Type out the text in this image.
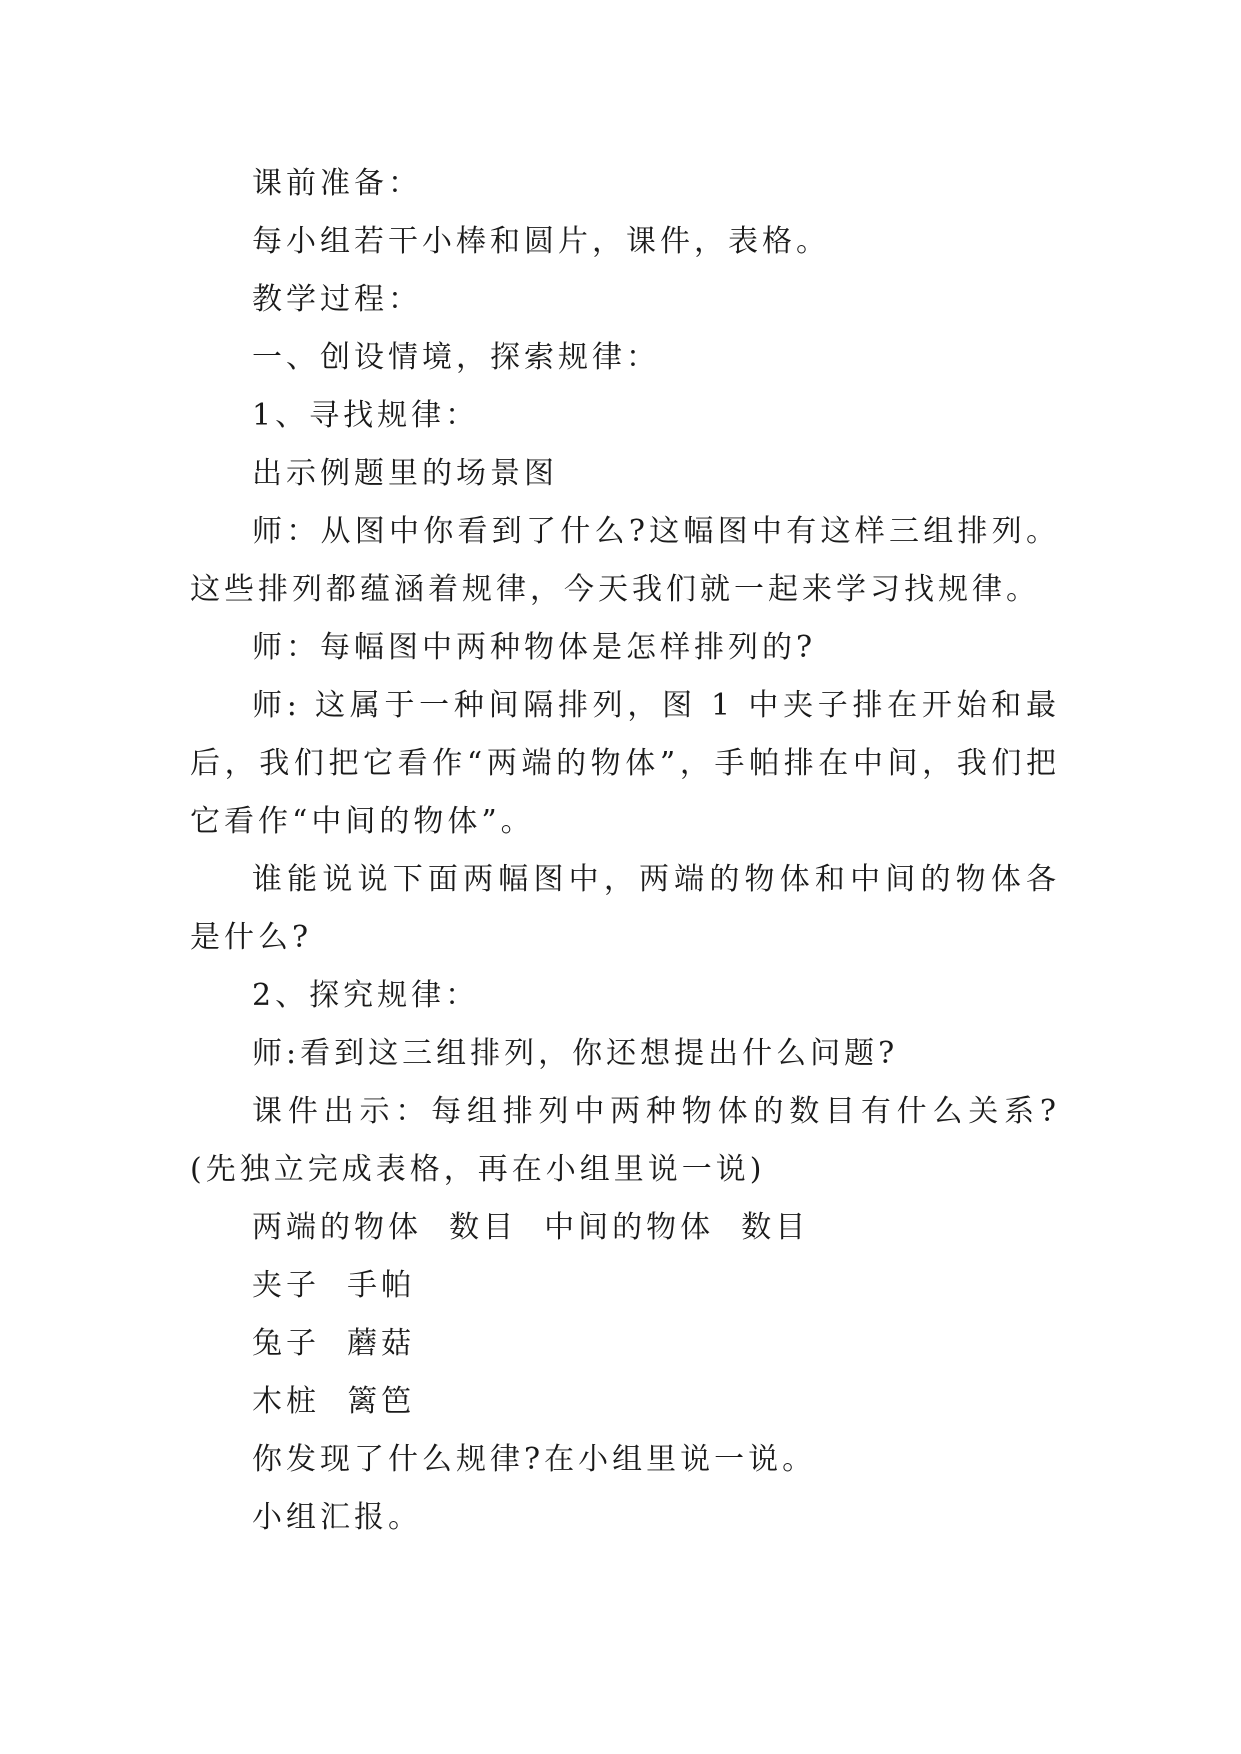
课前准备：

每小组若干小棒和圆片，课件，表格。

教学过程：

一、创设情境，探索规律：

1、寻找规律：

出示例题里的场景图

师：从图中你看到了什么?这幅图中有这样三组排列。这些排列都蕴涵着规律，今天我们就一起来学习找规律。

师：每幅图中两种物体是怎样排列的?

师: 这属于一种间隔排列，图 1 中夹子排在开始和最后，我们把它看作“两端的物体”，手帕排在中间，我们把它看作“中间的物体”。

谁能说说下面两幅图中，两端的物体和中间的物体各是什么?

2、探究规律：

师:看到这三组排列，你还想提出什么问题?

课件出示：每组排列中两种物体的数目有什么关系?(先独立完成表格，再在小组里说一说)

两端的物体  数目  中间的物体  数目

夹子  手帕

兔子  蘑菇

木桩  篱笆

你发现了什么规律?在小组里说一说。

小组汇报。
